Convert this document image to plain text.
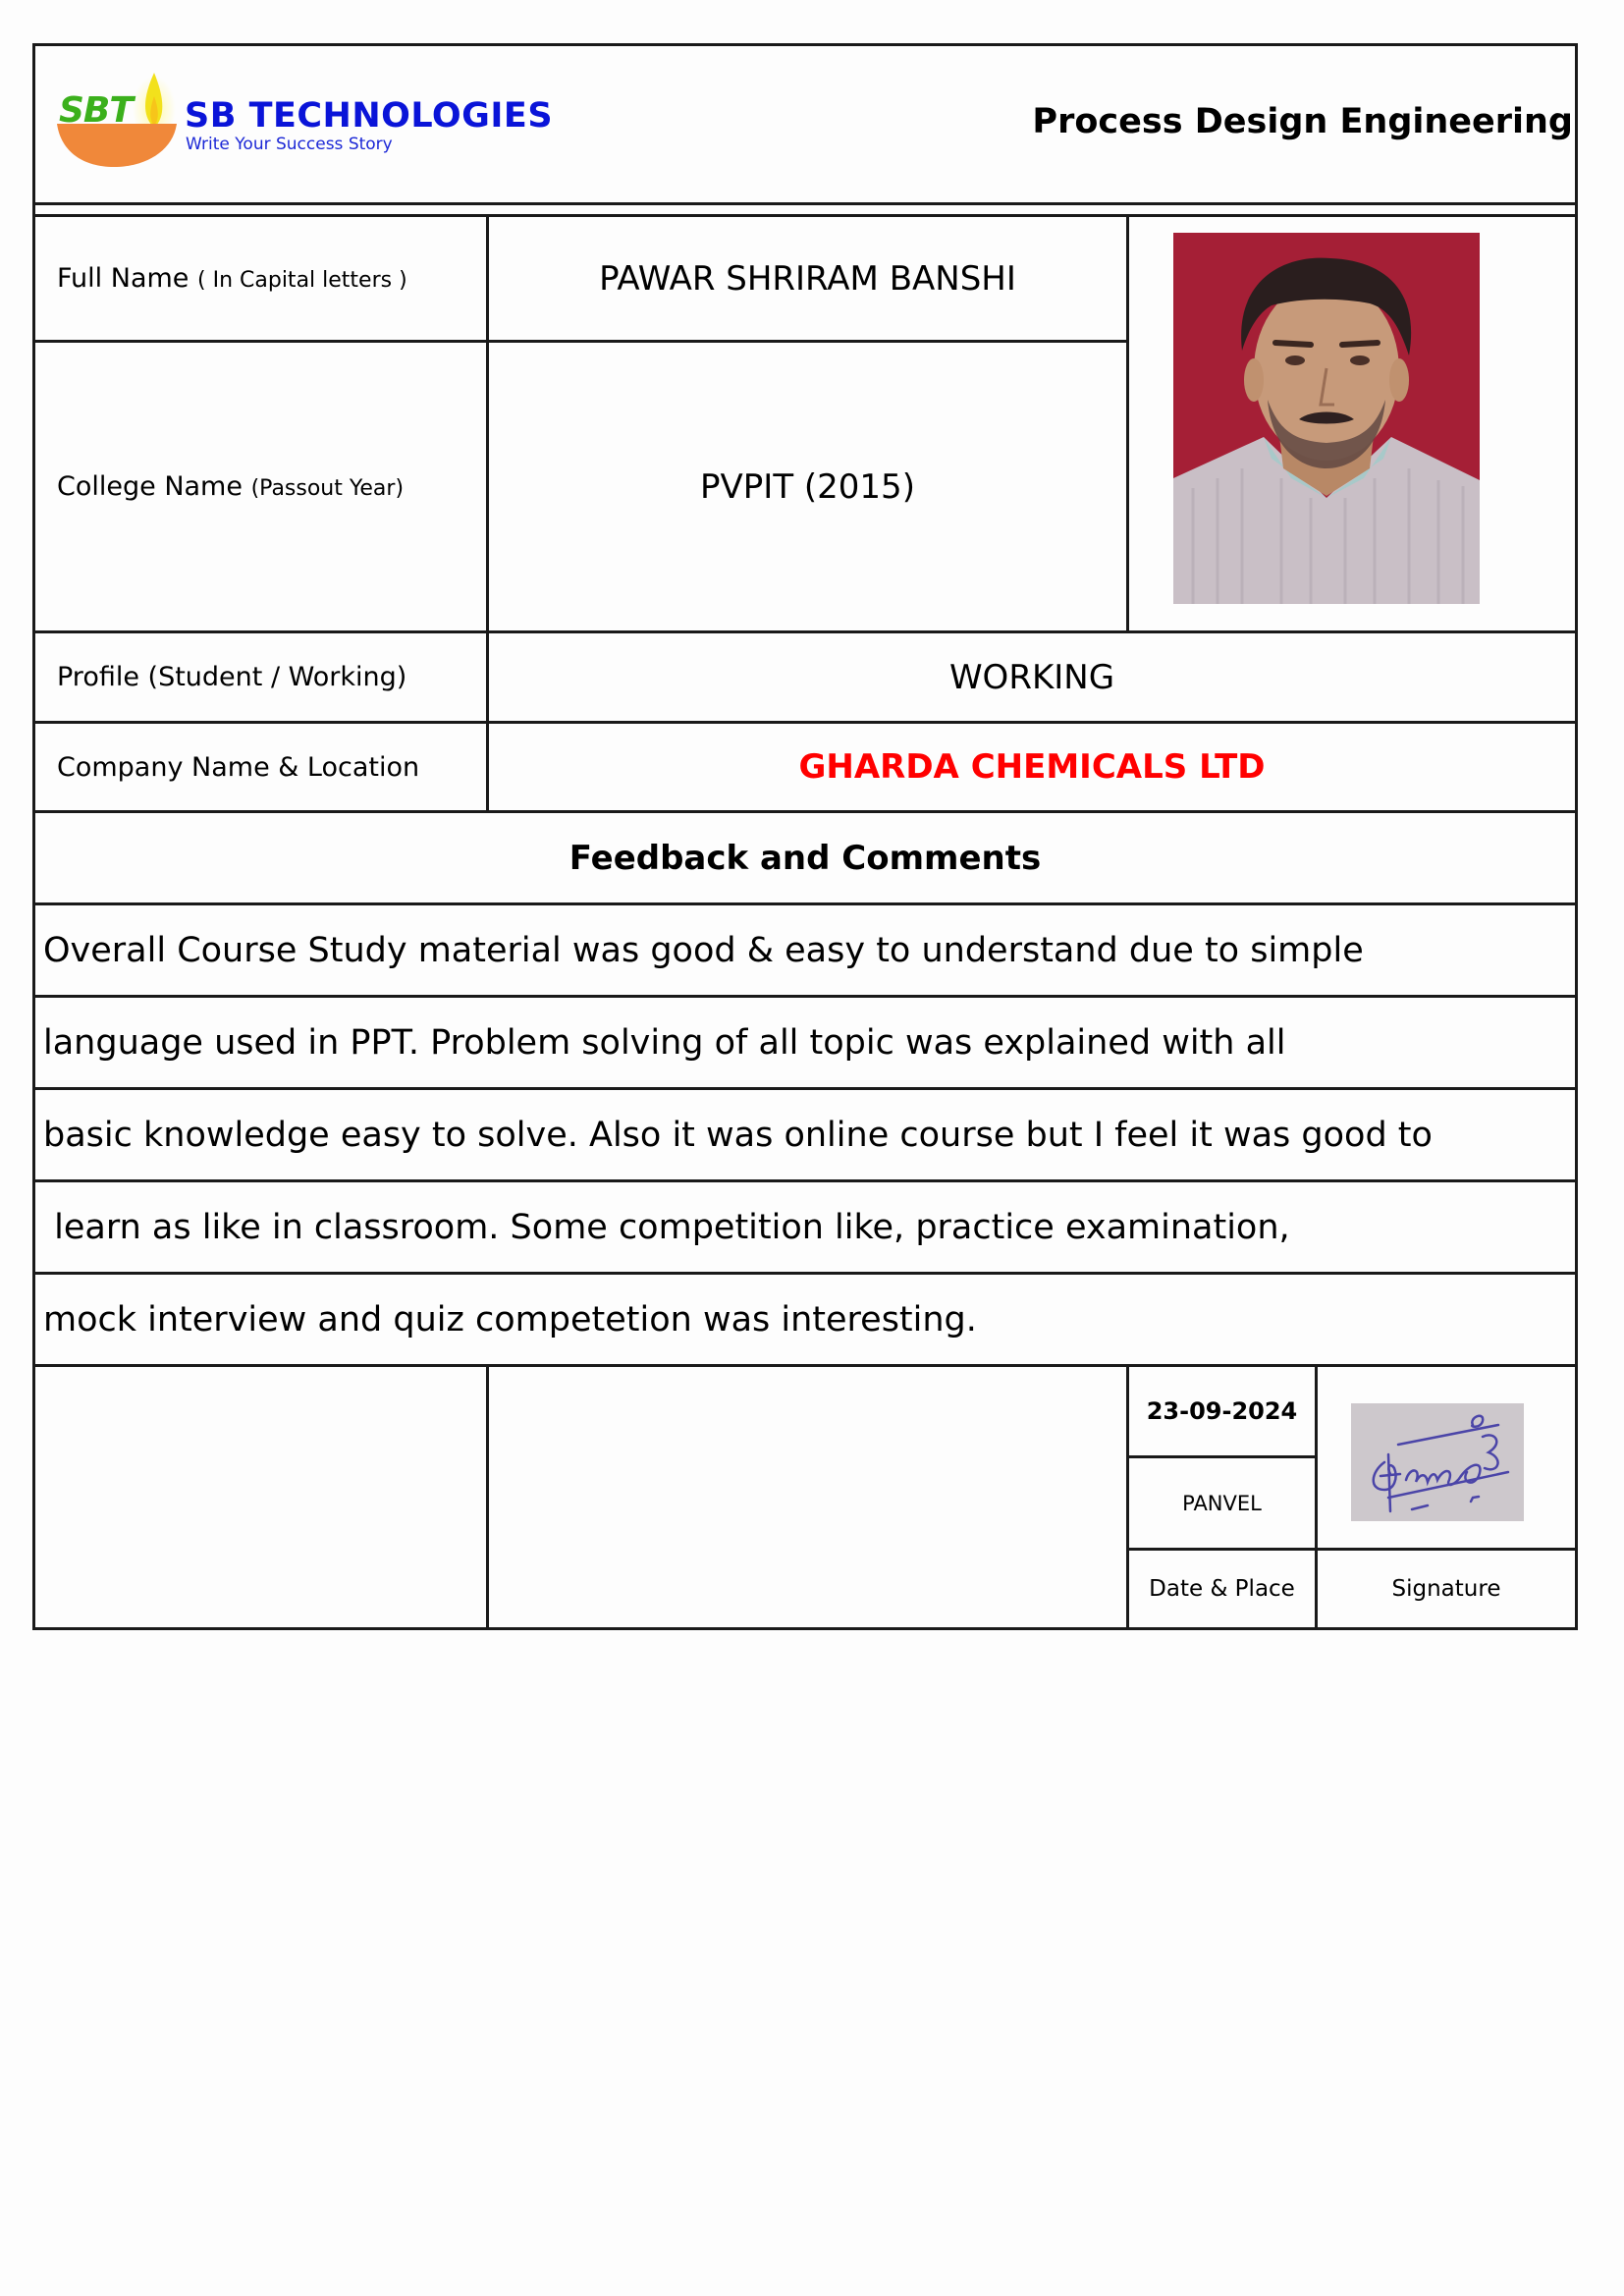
SBT SB TECHNOLOGIES
Write Your Success Story
Process Design Engineering
Full Name ( In Capital letters )	PAWAR SHRIRAM BANSHI
College Name (Passout Year)	PVPIT (2015)
Profile (Student / Working)	WORKING
Company Name & Location	GHARDA CHEMICALS LTD
Feedback and Comments
Overall Course Study material was good & easy to understand due to simple
language used in PPT. Problem solving of all topic was explained with all
basic knowledge easy to solve. Also it was online course but I feel it was good to
learn as like in classroom. Some competition like, practice examination,
mock interview and quiz competetion was interesting.
23-09-2024
PANVEL
Date & Place	Signature
